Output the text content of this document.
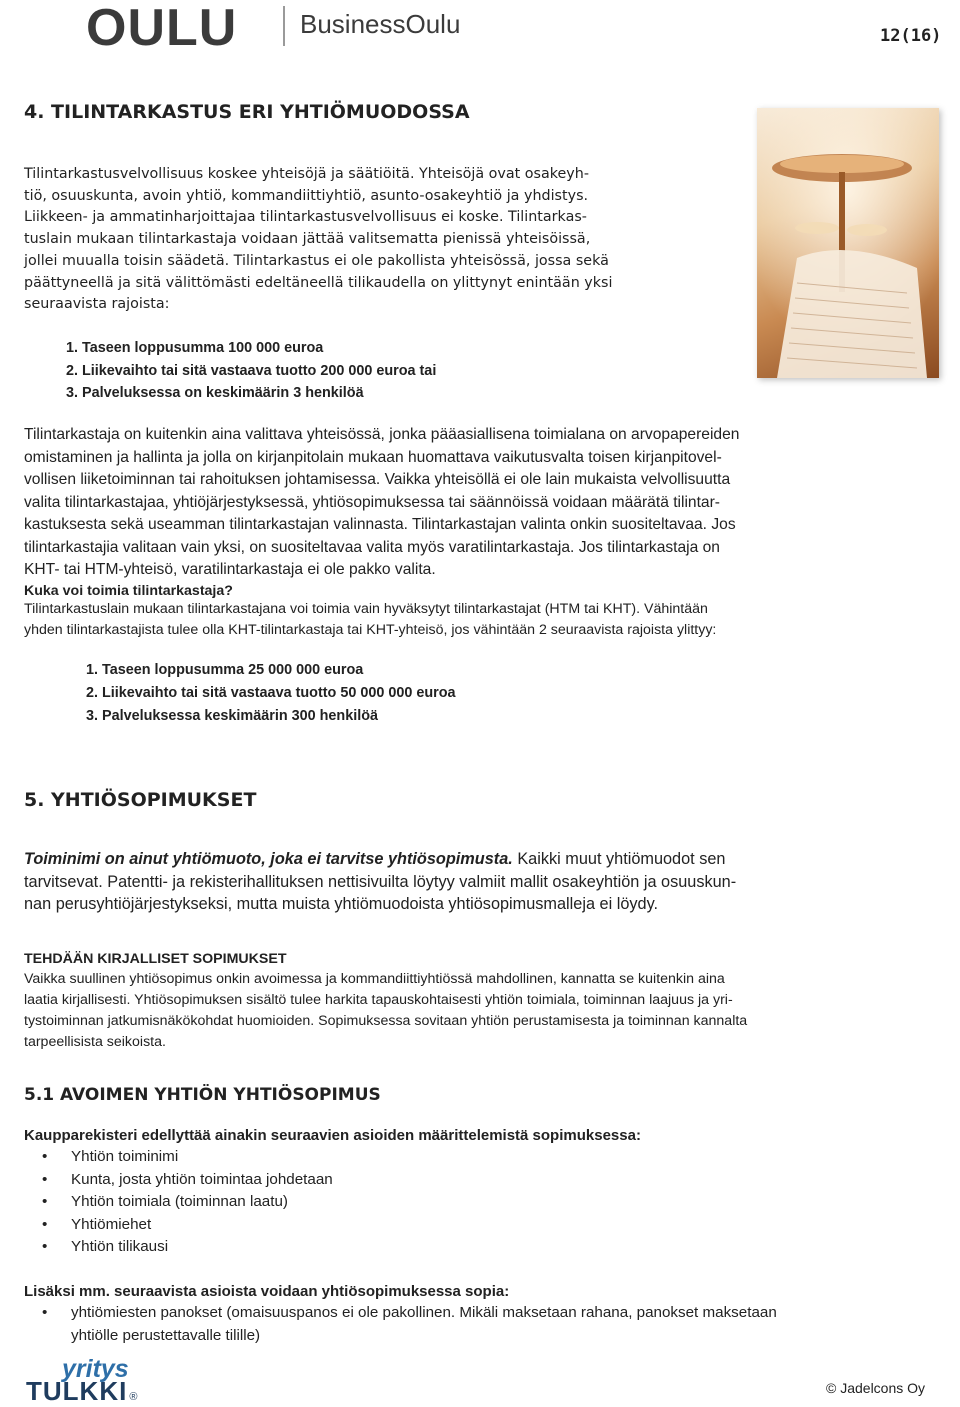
OULU BusinessOulu	12(16)
4. TILINTARKASTUS ERI YHTIÖMUODOSSA

Tilintarkastusvelvollisuus koskee yhteisöjä ja säätiöitä. Yhteisöjä ovat osakeyh-

tiö, osuuskunta, avoin yhtiö, kommandiittiyhtiö, asunto-osakeyhtiö ja yhdistys.

Liikkeen- ja ammatinharjoittajaa tilintarkastusvelvollisuus ei koske. Tilintarkas-

tuslain mukaan tilintarkastaja voidaan jättää valitsematta pienissä yhteisöissä,

jollei muualla toisin säädetä. Tilintarkastus ei ole pakollista yhteisössä, jossa sekä

päättyneellä ja sitä välittömästi edeltäneellä tilikaudella on ylittynyt enintään yksi

seuraavista rajoista:

1. Taseen loppusumma 100 000 euroa
2. Liikevaihto tai sitä vastaava tuotto 200 000 euroa tai
3. Palveluksessa on keskimäärin 3 henkilöä

Tilintarkastaja on kuitenkin aina valittava yhteisössä, jonka pääasiallisena toimialana on arvopapereiden

omistaminen ja hallinta ja jolla on kirjanpitolain mukaan huomattava vaikutusvalta toisen kirjanpitovel-

vollisen liiketoiminnan tai rahoituksen johtamisessa. Vaikka yhteisöllä ei ole lain mukaista velvollisuutta

valita tilintarkastajaa, yhtiöjärjestyksessä, yhtiösopimuksessa tai säännöissä voidaan määrätä tilintar-

kastuksesta sekä useamman tilintarkastajan valinnasta. Tilintarkastajan valinta onkin suositeltavaa. Jos

tilintarkastajia valitaan vain yksi, on suositeltavaa valita myös varatilintarkastaja. Jos tilintarkastaja on

KHT- tai HTM-yhteisö, varatilintarkastaja ei ole pakko valita.

Kuka voi toimia tilintarkastaja?

Tilintarkastuslain mukaan tilintarkastajana voi toimia vain hyväksytyt tilintarkastajat (HTM tai KHT). Vähintään

yhden tilintarkastajista tulee olla KHT-tilintarkastaja tai KHT-yhteisö, jos vähintään 2 seuraavista rajoista ylittyy:

1. Taseen loppusumma 25 000 000 euroa
2. Liikevaihto tai sitä vastaava tuotto 50 000 000 euroa
3. Palveluksessa keskimäärin 300 henkilöä
5. YHTIÖSOPIMUKSET

Toiminimi on ainut yhtiömuoto, joka ei tarvitse yhtiösopimusta. Kaikki muut yhtiömuodot sen

tarvitsevat. Patentti- ja rekisterihallituksen nettisivuilta löytyy valmiit mallit osakeyhtiön ja osuuskun-

nan perusyhtiöjärjestykseksi, mutta muista yhtiömuodoista yhtiösopimusmalleja ei löydy.

TEHDÄÄN KIRJALLISET SOPIMUKSET

Vaikka suullinen yhtiösopimus onkin avoimessa ja kommandiittiyhtiössä mahdollinen, kannatta se kuitenkin aina

laatia kirjallisesti. Yhtiösopimuksen sisältö tulee harkita tapauskohtaisesti yhtiön toimiala, toiminnan laajuus ja yri-

tystoiminnan jatkumisnäkökohdat huomioiden. Sopimuksessa sovitaan yhtiön perustamisesta ja toiminnan kannalta

tarpeellisista seikoista.

5.1 AVOIMEN YHTIÖN YHTIÖSOPIMUS

Kaupparekisteri edellyttää ainakin seuraavien asioiden määrittelemistä sopimuksessa:

• Yhtiön toiminimi
• Kunta, josta yhtiön toimintaa johdetaan
• Yhtiön toimiala (toiminnan laatu)
• Yhtiömiehet
• Yhtiön tilikausi

Lisäksi mm. seuraavista asioista voidaan yhtiösopimuksessa sopia:

• yhtiömiesten panokset (omaisuuspanos ei ole pakollinen. Mikäli maksetaan rahana, panokset maksetaan
yhtiölle perustettavalle tilille)
yritys
TULKKI ®
© Jadelcons Oy
